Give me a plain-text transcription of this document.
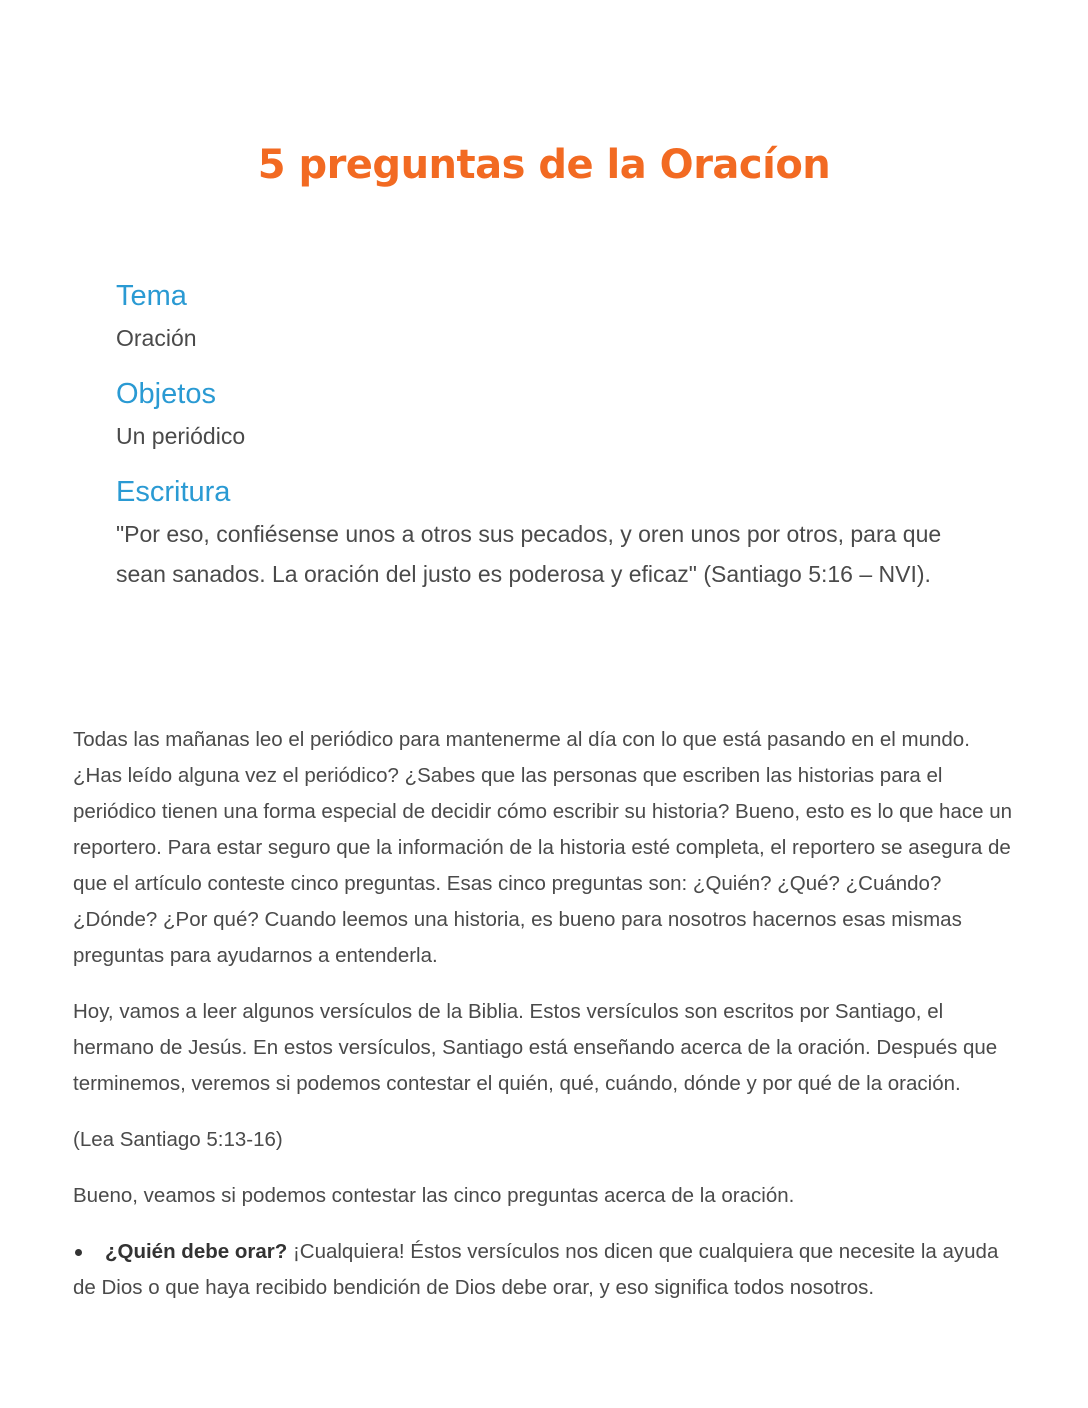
5 preguntas de la Oracíon
Tema

Oración

Objetos

Un periódico

Escritura

"Por eso, confiésense unos a otros sus pecados, y oren unos por otros, para que sean sanados. La oración del justo es poderosa y eficaz" (Santiago 5:16 – NVI).

Todas las mañanas leo el periódico para mantenerme al día con lo que está pasando en el mundo. ¿Has leído alguna vez el periódico? ¿Sabes que las personas que escriben las historias para el periódico tienen una forma especial de decidir cómo escribir su historia? Bueno, esto es lo que hace un reportero. Para estar seguro que la información de la historia esté completa, el reportero se asegura de que el artículo conteste cinco preguntas. Esas cinco preguntas son: ¿Quién? ¿Qué? ¿Cuándo? ¿Dónde? ¿Por qué? Cuando leemos una historia, es bueno para nosotros hacernos esas mismas preguntas para ayudarnos a entenderla.

Hoy, vamos a leer algunos versículos de la Biblia. Estos versículos son escritos por Santiago, el hermano de Jesús. En estos versículos, Santiago está enseñando acerca de la oración. Después que terminemos, veremos si podemos contestar el quién, qué, cuándo, dónde y por qué de la oración.

(Lea Santiago 5:13-16)

Bueno, veamos si podemos contestar las cinco preguntas acerca de la oración.

¿Quién debe orar? ¡Cualquiera! Éstos versículos nos dicen que cualquiera que necesite la ayuda de Dios o que haya recibido bendición de Dios debe orar, y eso significa todos nosotros.
